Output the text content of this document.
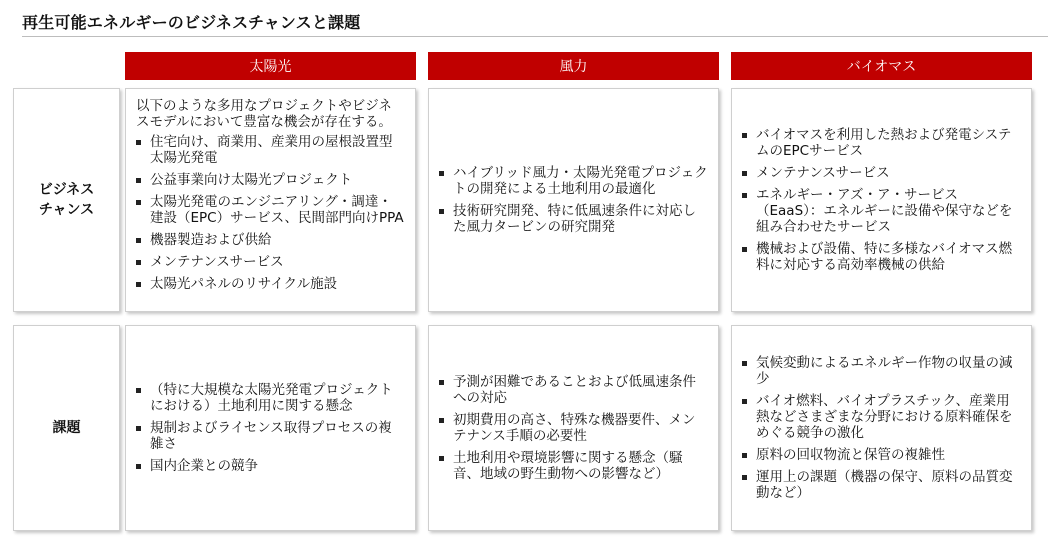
再生可能エネルギーのビジネスチャンスと課題
太陽光	風力	バイオマス
ビジネス
チャンス
以下のような多用なプロジェクトやビジネスモデルにおいて豊富な機会が存在する。
住宅向け、商業用、産業用の屋根設置型太陽光発電
公益事業向け太陽光プロジェクト
太陽光発電のエンジニアリング・調達・建設（EPC）サービス、民間部門向けPPA
機器製造および供給
メンテナンスサービス
太陽光パネルのリサイクル施設
ハイブリッド風力・太陽光発電プロジェクトの開発による土地利用の最適化
技術研究開発、特に低風速条件に対応した風力タービンの研究開発
バイオマスを利用した熱および発電システムのEPCサービス
メンテナンスサービス
エネルギー・アズ・ア・サービス（EaaS）：エネルギーに設備や保守などを組み合わせたサービス
機械および設備、特に多様なバイオマス燃料に対応する高効率機械の供給
課題
（特に大規模な太陽光発電プロジェクトにおける）土地利用に関する懸念
規制およびライセンス取得プロセスの複雑さ
国内企業との競争
予測が困難であることおよび低風速条件への対応
初期費用の高さ、特殊な機器要件、メンテナンス手順の必要性
土地利用や環境影響に関する懸念（騒音、地域の野生動物への影響など）
気候変動によるエネルギー作物の収量の減少
バイオ燃料、バイオプラスチック、産業用熱などさまざまな分野における原料確保をめぐる競争の激化
原料の回収物流と保管の複雑性
運用上の課題（機器の保守、原料の品質変動など）
